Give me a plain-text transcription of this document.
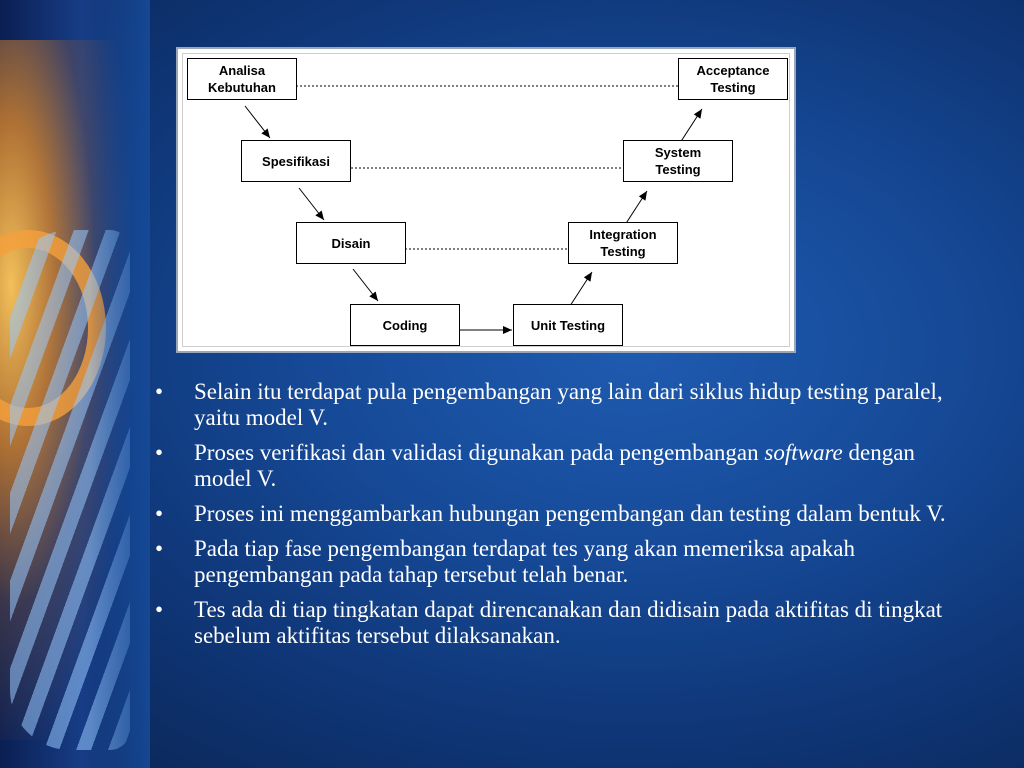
Analisa
Kebutuhan
Acceptance
Testing
Spesifikasi
System
Testing
Disain
Integration
Testing
Coding	Unit Testing
• Selain itu terdapat pula pengembangan yang lain dari siklus hidup testing paralel, yaitu model V.
• Proses verifikasi dan validasi digunakan pada pengembangan software dengan model V.
• Proses ini menggambarkan hubungan pengembangan dan testing dalam bentuk V.
• Pada tiap fase pengembangan terdapat tes yang akan memeriksa apakah pengembangan pada tahap tersebut telah benar.
• Tes ada di tiap tingkatan dapat direncanakan dan didisain pada aktifitas di tingkat sebelum aktifitas tersebut dilaksanakan.
